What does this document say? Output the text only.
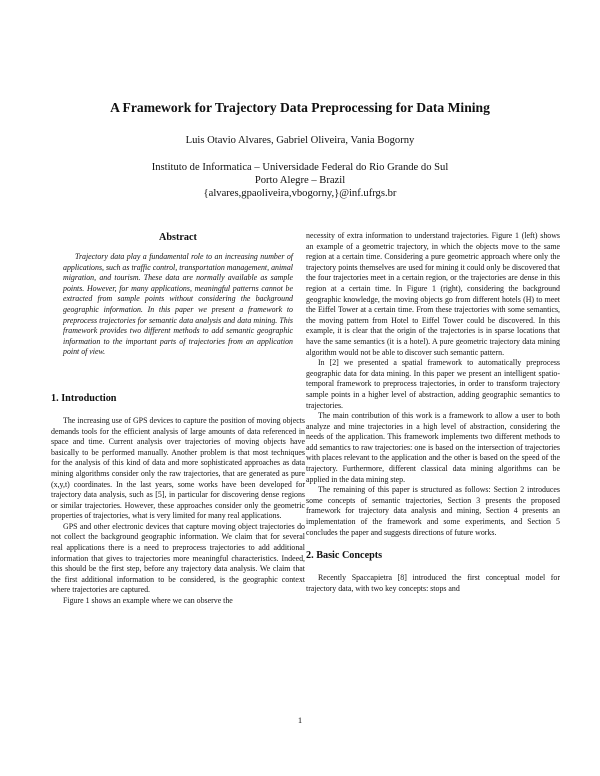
A Framework for Trajectory Data Preprocessing for Data Mining
Luis Otavio Alvares, Gabriel Oliveira, Vania Bogorny
Instituto de Informatica – Universidade Federal do Rio Grande do Sul
Porto Alegre – Brazil
{alvares,gpaoliveira,vbogorny,}@inf.ufrgs.br
Abstract

Trajectory data play a fundamental role to an increasing number of applications, such as traffic control, transportation management, animal migration, and tourism. These data are normally available as sample points. However, for many applications, meaningful patterns cannot be extracted from sample points without considering the background geographic information. In this paper we present a framework to preprocess trajectories for semantic data analysis and data mining. This framework provides two different methods to add semantic geographic information to the important parts of trajectories from an application point of view.

1. Introduction

The increasing use of GPS devices to capture the position of moving objects demands tools for the efficient analysis of large amounts of data referenced in space and time. Current analysis over trajectories of moving objects have basically to be performed manually. Another problem is that most techniques for the analysis of this kind of data and more sophisticated approaches as data mining algorithms consider only the raw trajectories, that are generated as pure (x,y,t) coordinates. In the last years, some works have been developed for trajectory data analysis, such as [5], in particular for discovering dense regions or similar trajectories. However, these approaches consider only the geometric properties of trajectories, what is very limited for many real applications.

GPS and other electronic devices that capture moving object trajectories do not collect the background geographic information. We claim that for several real applications there is a need to preprocess trajectories to add additional information that gives to trajectories more meaningful characteristics. Indeed, this should be the first step, before any trajectory data analysis. We claim that the first additional information to be considered, is the geographic context where trajectories are captured.

Figure 1 shows an example where we can observe the

necessity of extra information to understand trajectories. Figure 1 (left) shows an example of a geometric trajectory, in which the objects move to the same region at a certain time. Considering a pure geometric approach where only the trajectory points themselves are used for mining it could only be discovered that the four trajectories meet in a certain region, or the trajectories are dense in this region at a certain time. In Figure 1 (right), considering the background geographic knowledge, the moving objects go from different hotels (H) to meet the Eiffel Tower at a certain time. From these trajectories with some semantics, the moving pattern from Hotel to Eiffel Tower could be discovered. In this example, it is clear that the origin of the trajectories is in sparse locations that have the same semantics (it is a hotel). A pure geometric trajectory data mining algorithm would not be able to discover such semantic pattern.

In [2] we presented a spatial framework to automatically preprocess geographic data for data mining. In this paper we present an intelligent spatio-temporal framework to preprocess trajectories, in order to transform trajectory sample points in a higher level of abstraction, adding geographic semantics to trajectories.

The main contribution of this work is a framework to allow a user to both analyze and mine trajectories in a high level of abstraction, considering the needs of the application. This framework implements two different methods to add semantics to raw trajectories: one is based on the intersection of trajectories with places relevant to the application and the other is based on the speed of the trajectory. Furthermore, different classical data mining algorithms can be applied in the data mining step.

The remaining of this paper is structured as follows: Section 2 introduces some concepts of semantic trajectories, Section 3 presents the proposed framework for trajectory data analysis and mining, Section 4 presents an implementation of the framework and some experiments, and Section 5 concludes the paper and suggests directions of future works.

2. Basic Concepts

Recently Spaccapietra [8] introduced the first conceptual model for trajectory data, with two key concepts: stops and

1
